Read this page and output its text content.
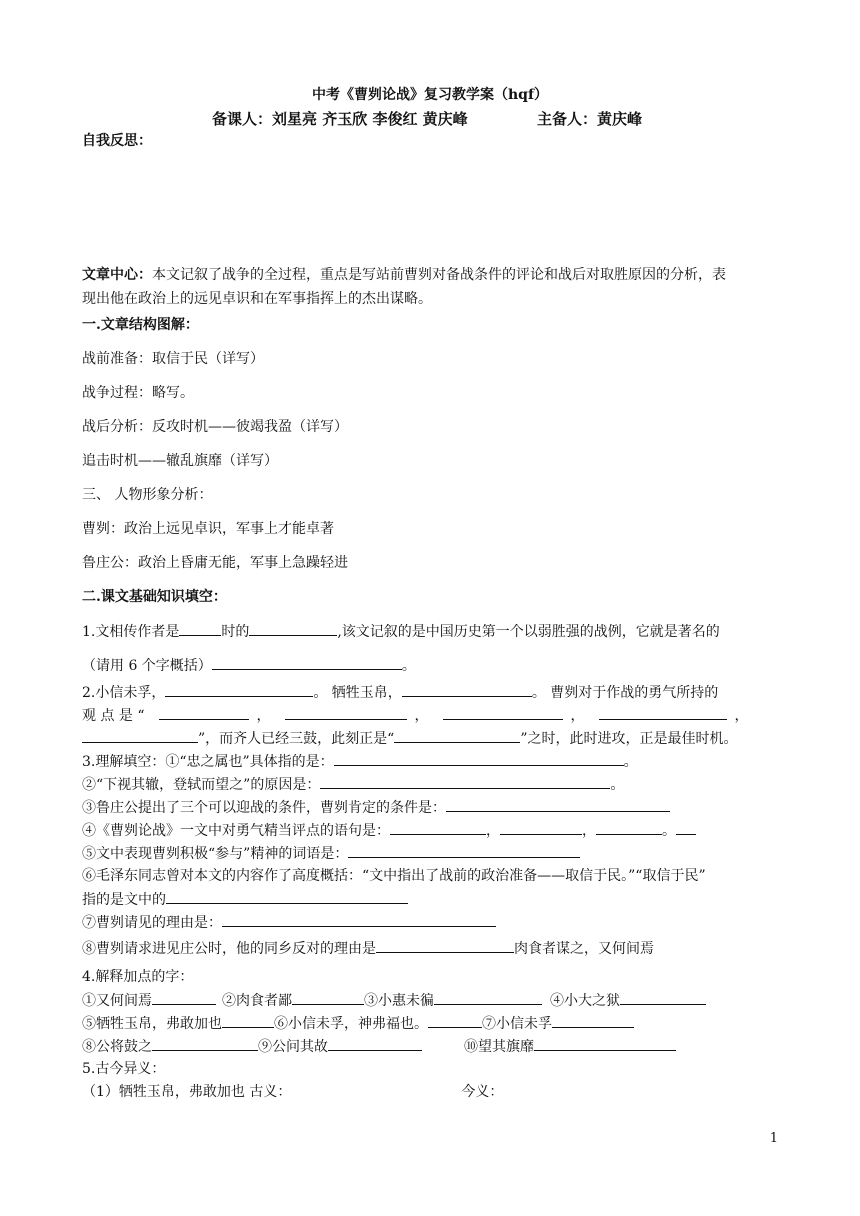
中考《曹刿论战》复习教学案（hqf）
备课人：刘星亮 齐玉欣 李俊红 黄庆峰	主备人：黄庆峰
自我反思：
文章中心：本文记叙了战争的全过程，重点是写站前曹刿对备战条件的评论和战后对取胜原因的分析，表
现出他在政治上的远见卓识和在军事指挥上的杰出谋略。
一.文章结构图解：
战前准备：取信于民（详写）
战争过程：略写。
战后分析：反攻时机——彼竭我盈（详写）
追击时机——辙乱旗靡（详写）
三、 人物形象分析：
曹刿：政治上远见卓识，军事上才能卓著
鲁庄公：政治上昏庸无能，军事上急躁轻进
二.课文基础知识填空：
1.文相传作者是	时的	,该文记叙的是中国历史第一个以弱胜强的战例，它就是著名的
（请用 6 个字概括）	。
2.小信未孚，	。 牺牲玉帛，	。 曹刿对于作战的勇气所持的
观 点 是 “	，	，	，	，
”，而齐人已经三鼓，此刻正是“	”之时，此时进攻，正是最佳时机。
3.理解填空：①“忠之属也”具体指的是：	。
②“下视其辙，登轼而望之”的原因是：	。
③鲁庄公提出了三个可以迎战的条件，曹刿肯定的条件是：
④《曹刿论战》一文中对勇气精当评点的语句是：	，	，	。
⑤文中表现曹刿积极“参与”精神的词语是：
⑥毛泽东同志曾对本文的内容作了高度概括：“文中指出了战前的政治准备——取信于民。”“取信于民”
指的是文中的
⑦曹刿请见的理由是：
⑧曹刿请求进见庄公时，他的同乡反对的理由是	肉食者谋之，又何间焉
4.解释加点的字：
①又何间焉	②肉食者鄙	③小惠未徧	④小大之狱
⑤牺牲玉帛，弗敢加也	⑥小信未孚，神弗福也。	⑦小信未孚
⑧公将鼓之	⑨公问其故	⑩望其旗靡
5.古今异义：
（1）牺牲玉帛，弗敢加也 古义：	今义：
1
